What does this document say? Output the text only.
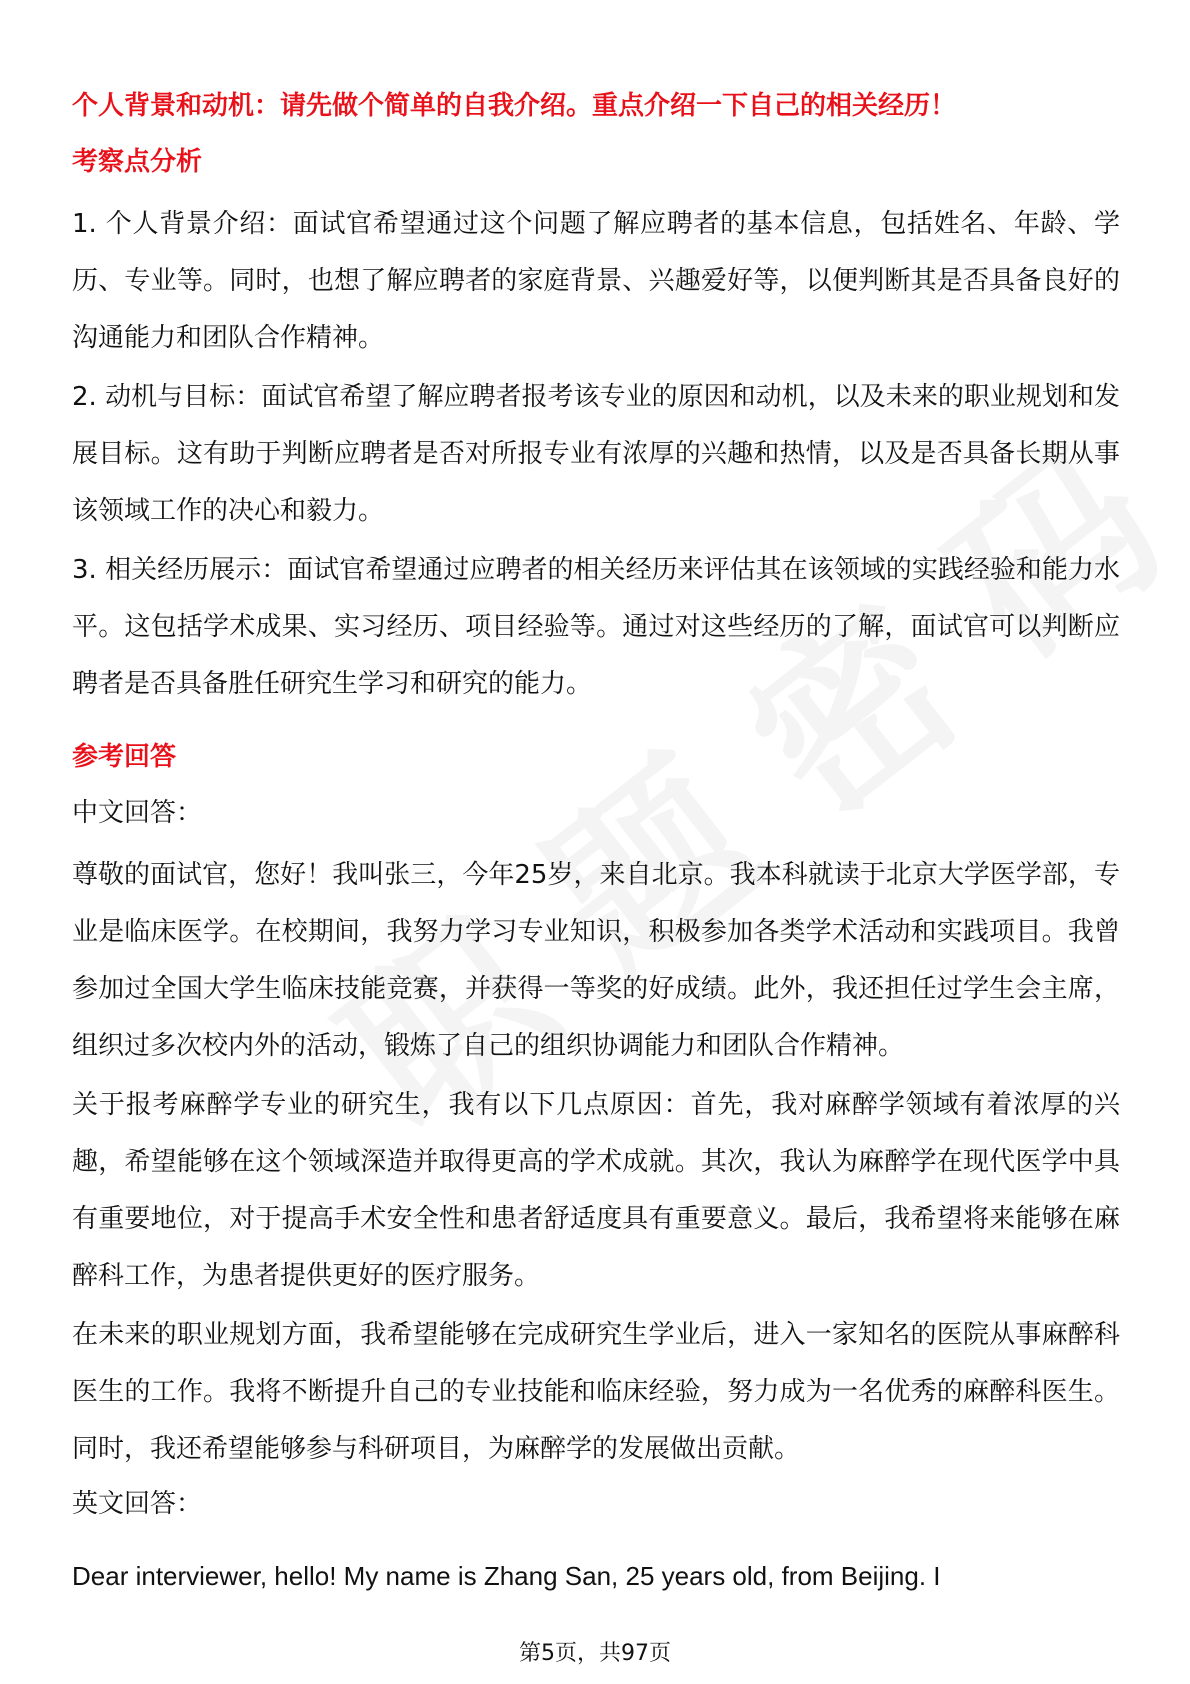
个人背景和动机：请先做个简单的自我介绍。重点介绍一下自己的相关经历！

考察点分析

1. 个人背景介绍：面试官希望通过这个问题了解应聘者的基本信息，包括姓名、年龄、学历、专业等。同时，也想了解应聘者的家庭背景、兴趣爱好等，以便判断其是否具备良好的沟通能力和团队合作精神。

2. 动机与目标：面试官希望了解应聘者报考该专业的原因和动机，以及未来的职业规划和发展目标。这有助于判断应聘者是否对所报专业有浓厚的兴趣和热情，以及是否具备长期从事该领域工作的决心和毅力。

3. 相关经历展示：面试官希望通过应聘者的相关经历来评估其在该领域的实践经验和能力水平。这包括学术成果、实习经历、项目经验等。通过对这些经历的了解，面试官可以判断应聘者是否具备胜任研究生学习和研究的能力。

参考回答

中文回答：

尊敬的面试官，您好！我叫张三，今年25岁，来自北京。我本科就读于北京大学医学部，专业是临床医学。在校期间，我努力学习专业知识，积极参加各类学术活动和实践项目。我曾参加过全国大学生临床技能竞赛，并获得一等奖的好成绩。此外，我还担任过学生会主席，组织过多次校内外的活动，锻炼了自己的组织协调能力和团队合作精神。

关于报考麻醉学专业的研究生，我有以下几点原因：首先，我对麻醉学领域有着浓厚的兴趣，希望能够在这个领域深造并取得更高的学术成就。其次，我认为麻醉学在现代医学中具有重要地位，对于提高手术安全性和患者舒适度具有重要意义。最后，我希望将来能够在麻醉科工作，为患者提供更好的医疗服务。

在未来的职业规划方面，我希望能够在完成研究生学业后，进入一家知名的医院从事麻醉科医生的工作。我将不断提升自己的专业技能和临床经验，努力成为一名优秀的麻醉科医生。同时，我还希望能够参与科研项目，为麻醉学的发展做出贡献。

英文回答：

Dear interviewer, hello! My name is Zhang San, 25 years old, from Beijing. I

第5页，共97页
